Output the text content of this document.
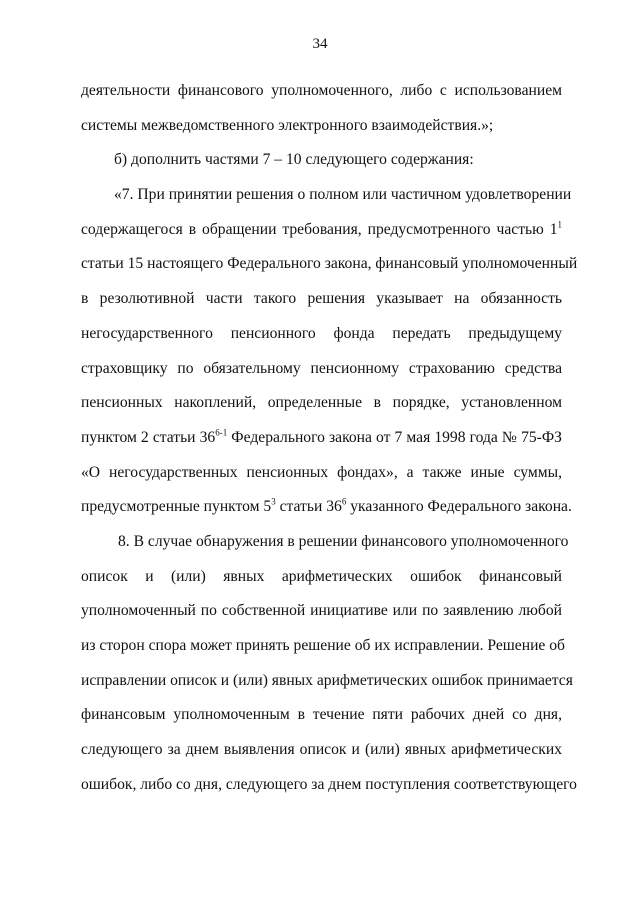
34
деятельности финансового уполномоченного, либо с использованием
системы межведомственного электронного взаимодействия.»;
б) дополнить частями 7 – 10 следующего содержания:
«7. При принятии решения о полном или частичном удовлетворении
содержащегося в обращении требования, предусмотренного частью $1^1$
статьи 15 настоящего Федерального закона, финансовый уполномоченный
в резолютивной части такого решения указывает на обязанность
негосударственного пенсионного фонда передать предыдущему
страховщику по обязательному пенсионному страхованию средства
пенсионных накоплений, определенные в порядке, установленном
пунктом 2 статьи 36$^{6-1}$ Федерального закона от 7 мая 1998 года № 75-ФЗ
«О негосударственных пенсионных фондах», а также иные суммы,
предусмотренные пунктом $5^3$ статьи $36^6$ указанного Федерального закона.
8. В случае обнаружения в решении финансового уполномоченного
описок и (или) явных арифметических ошибок финансовый
уполномоченный по собственной инициативе или по заявлению любой
из сторон спора может принять решение об их исправлении. Решение об
исправлении описок и (или) явных арифметических ошибок принимается
финансовым уполномоченным в течение пяти рабочих дней со дня,
следующего за днем выявления описок и (или) явных арифметических
ошибок, либо со дня, следующего за днем поступления соответствующего
